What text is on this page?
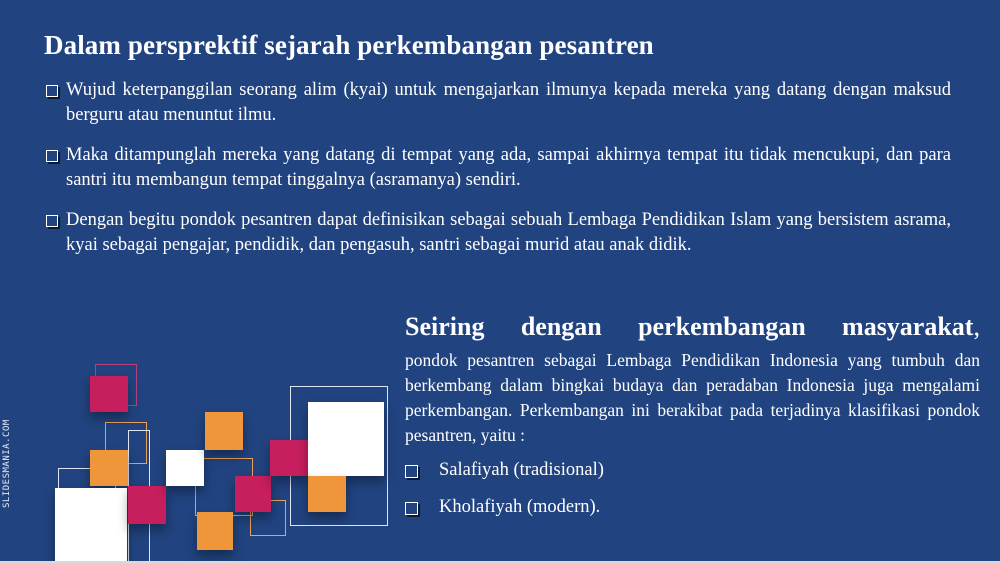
Dalam persprektif sejarah perkembangan pesantren
Wujud keterpanggilan seorang alim (kyai) untuk mengajarkan ilmunya kepada mereka yang datang dengan maksud berguru atau menuntut ilmu.
Maka ditampunglah mereka yang datang di tempat yang ada, sampai akhirnya tempat itu tidak mencukupi, dan para santri itu membangun tempat tinggalnya (asramanya) sendiri.
Dengan begitu pondok pesantren dapat definisikan sebagai sebuah Lembaga Pendidikan Islam yang bersistem asrama, kyai sebagai pengajar, pendidik, dan pengasuh, santri sebagai murid atau anak didik.
SLIDESMANIA.COM
Seiring dengan perkembangan masyarakat,

pondok pesantren sebagai Lembaga Pendidikan Indonesia yang tumbuh dan berkembang dalam bingkai budaya dan peradaban Indonesia juga mengalami perkembangan. Perkembangan ini berakibat pada terjadinya klasifikasi pondok pesantren, yaitu :

Salafiyah (tradisional)
Kholafiyah (modern).
